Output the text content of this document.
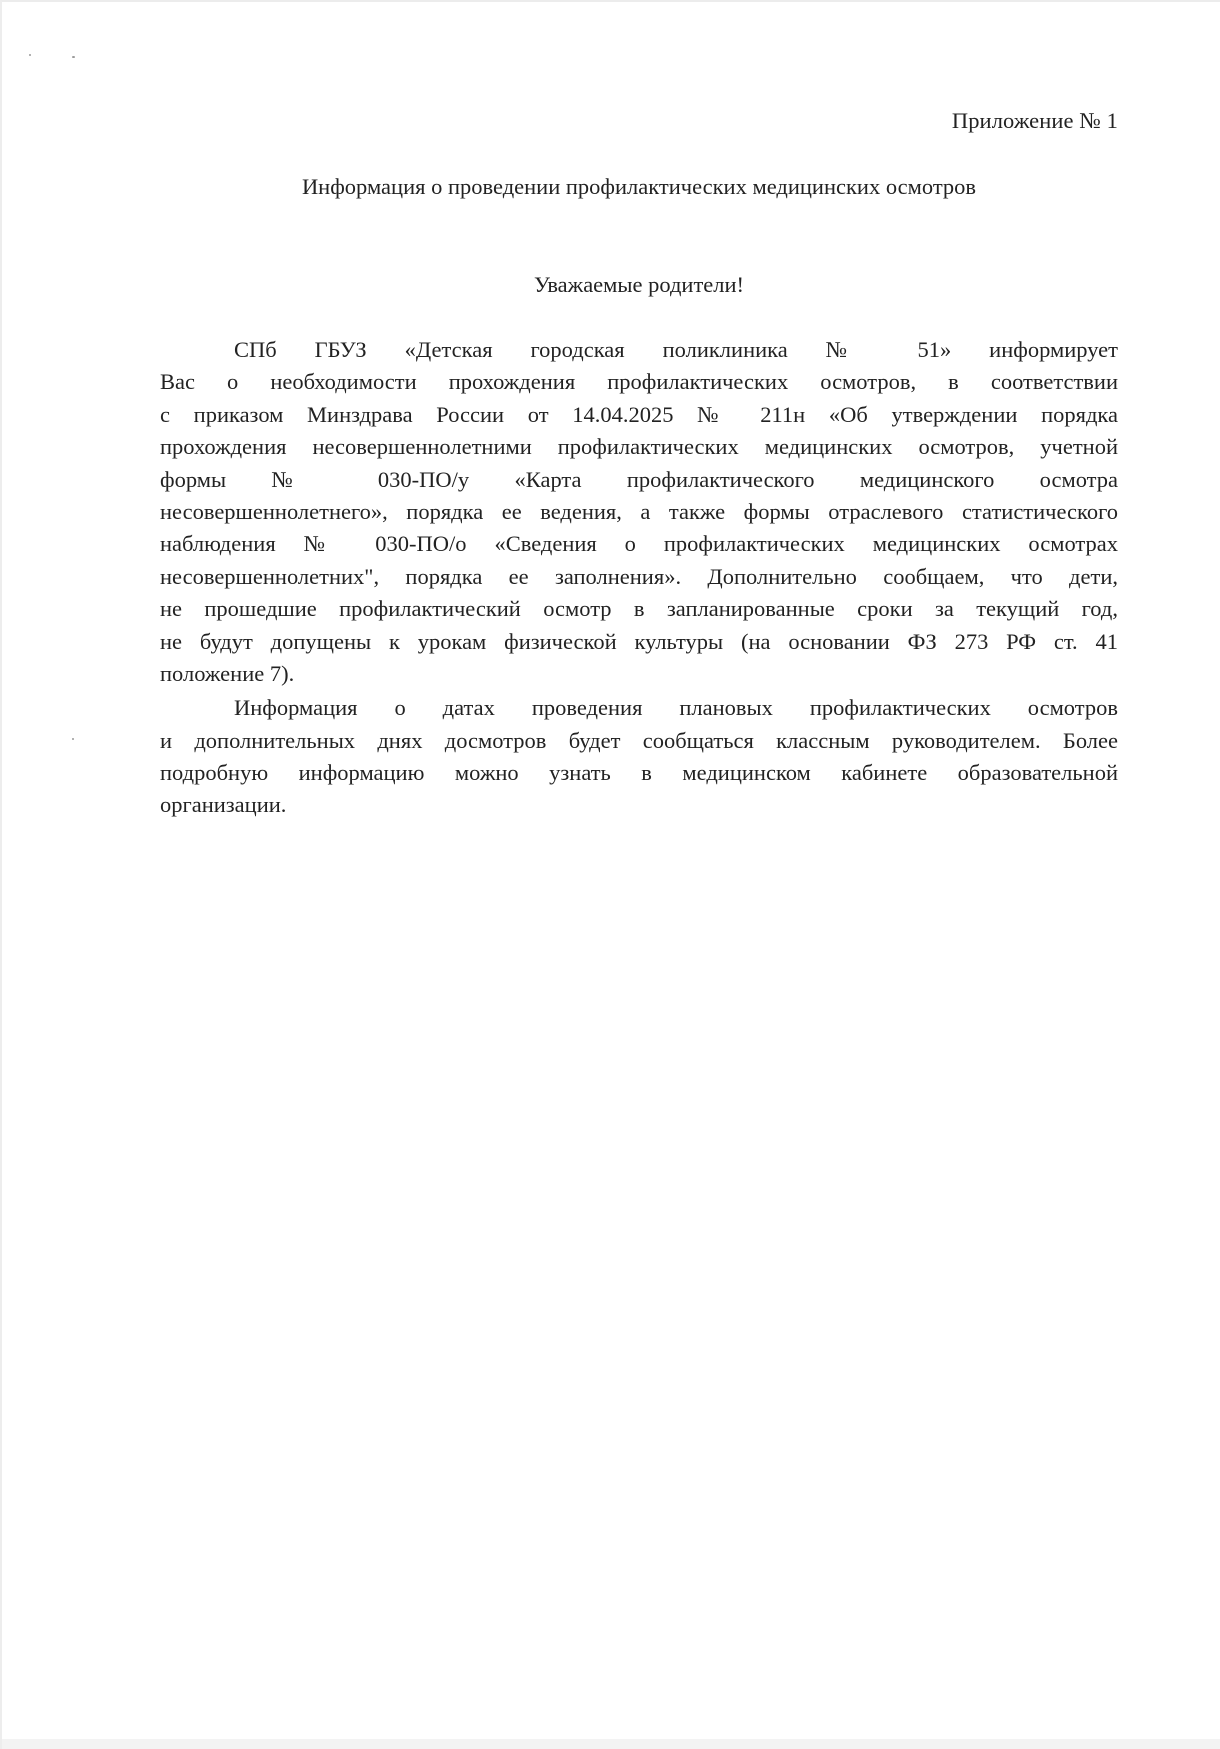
Приложение № 1
Информация о проведении профилактических медицинских осмотров
Уважаемые родители!
СПб ГБУЗ «Детская городская поликлиника № 51» информирует
Вас о необходимости прохождения профилактических осмотров, в соответствии
с приказом Минздрава России от 14.04.2025 № 211н «Об утверждении порядка
прохождения несовершеннолетними профилактических медицинских осмотров, учетной
формы № 030-ПО/у «Карта профилактического медицинского осмотра
несовершеннолетнего», порядка ее ведения, а также формы отраслевого статистического
наблюдения № 030-ПО/о «Сведения о профилактических медицинских осмотрах
несовершеннолетних", порядка ее заполнения». Дополнительно сообщаем, что дети,
не прошедшие профилактический осмотр в запланированные сроки за текущий год,
не будут допущены к урокам физической культуры (на основании ФЗ 273 РФ ст. 41
положение 7).
Информация о датах проведения плановых профилактических осмотров
и дополнительных днях досмотров будет сообщаться классным руководителем. Более
подробную информацию можно узнать в медицинском кабинете образовательной
организации.
